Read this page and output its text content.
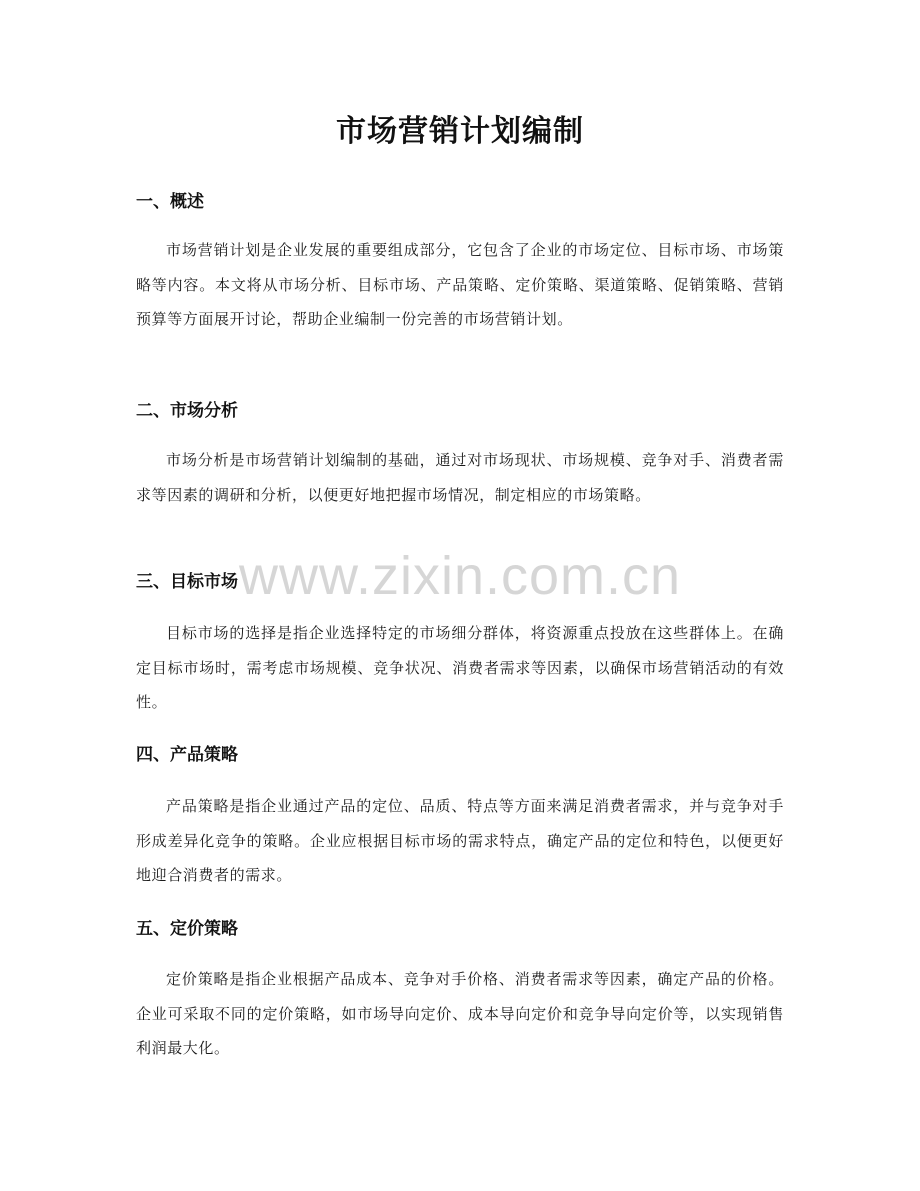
市场营销计划编制
一、概述

市场营销计划是企业发展的重要组成部分，它包含了企业的市场定位、目标市场、市场策略等内容。本文将从市场分析、目标市场、产品策略、定价策略、渠道策略、促销策略、营销预算等方面展开讨论，帮助企业编制一份完善的市场营销计划。

二、市场分析

市场分析是市场营销计划编制的基础，通过对市场现状、市场规模、竞争对手、消费者需求等因素的调研和分析，以便更好地把握市场情况，制定相应的市场策略。

三、目标市场

目标市场的选择是指企业选择特定的市场细分群体，将资源重点投放在这些群体上。在确定目标市场时，需考虑市场规模、竞争状况、消费者需求等因素，以确保市场营销活动的有效性。

四、产品策略

产品策略是指企业通过产品的定位、品质、特点等方面来满足消费者需求，并与竞争对手形成差异化竞争的策略。企业应根据目标市场的需求特点，确定产品的定位和特色，以便更好地迎合消费者的需求。

五、定价策略

定价策略是指企业根据产品成本、竞争对手价格、消费者需求等因素，确定产品的价格。企业可采取不同的定价策略，如市场导向定价、成本导向定价和竞争导向定价等，以实现销售利润最大化。

www.zixin.com.cn
